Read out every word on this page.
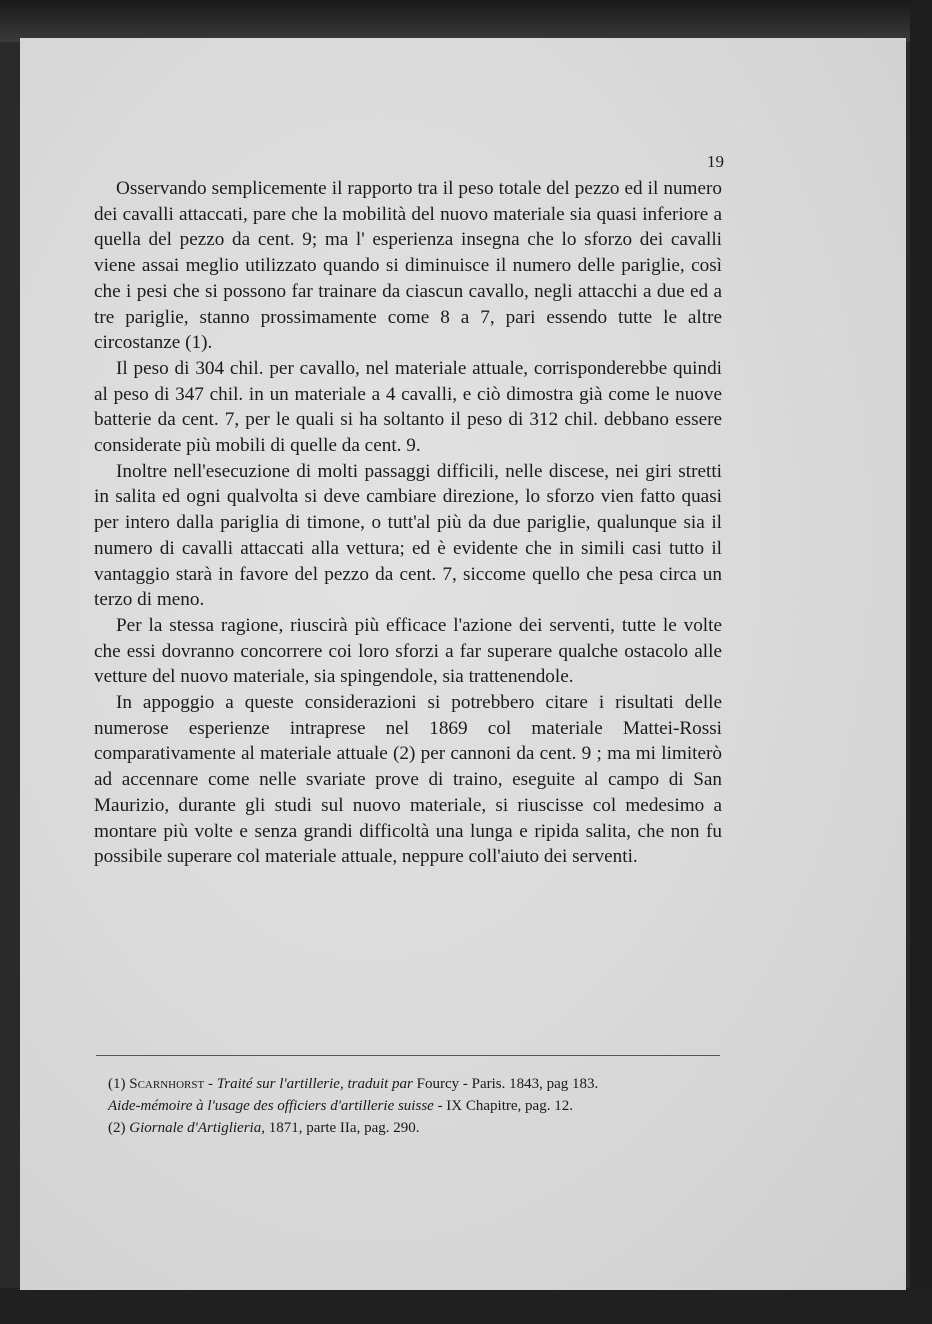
19

Osservando semplicemente il rapporto tra il peso totale del pezzo ed il numero dei cavalli attaccati, pare che la mobilità del nuovo materiale sia quasi inferiore a quella del pezzo da cent. 9; ma l' esperienza insegna che lo sforzo dei cavalli viene assai meglio utilizzato quando si diminuisce il numero delle pariglie, così che i pesi che si possono far trainare da ciascun cavallo, negli attacchi a due ed a tre pariglie, stanno prossimamente come 8 a 7, pari essendo tutte le altre circostanze (1).

Il peso di 304 chil. per cavallo, nel materiale attuale, corrisponderebbe quindi al peso di 347 chil. in un materiale a 4 cavalli, e ciò dimostra già come le nuove batterie da cent. 7, per le quali si ha soltanto il peso di 312 chil. debbano essere considerate più mobili di quelle da cent. 9.

Inoltre nell'esecuzione di molti passaggi difficili, nelle discese, nei giri stretti in salita ed ogni qualvolta si deve cambiare direzione, lo sforzo vien fatto quasi per intero dalla pariglia di timone, o tutt'al più da due pariglie, qualunque sia il numero di cavalli attaccati alla vettura; ed è evidente che in simili casi tutto il vantaggio starà in favore del pezzo da cent. 7, siccome quello che pesa circa un terzo di meno.

Per la stessa ragione, riuscirà più efficace l'azione dei serventi, tutte le volte che essi dovranno concorrere coi loro sforzi a far superare qualche ostacolo alle vetture del nuovo materiale, sia spingendole, sia trattenendole.

In appoggio a queste considerazioni si potrebbero citare i risultati delle numerose esperienze intraprese nel 1869 col materiale Mattei-Rossi comparativamente al materiale attuale (2) per cannoni da cent. 9 ; ma mi limiterò ad accennare come nelle svariate prove di traino, eseguite al campo di San Maurizio, durante gli studi sul nuovo materiale, si riuscisse col medesimo a montare più volte e senza grandi difficoltà una lunga e ripida salita, che non fu possibile superare col materiale attuale, neppure coll'aiuto dei serventi.

(1) Scarnhorst - Traité sur l'artillerie, traduit par Fourcy - Paris. 1843, pag 183.
Aide-mémoire à l'usage des officiers d'artillerie suisse - IX Chapitre, pag. 12.
(2) Giornale d'Artiglieria, 1871, parte IIa, pag. 290.
